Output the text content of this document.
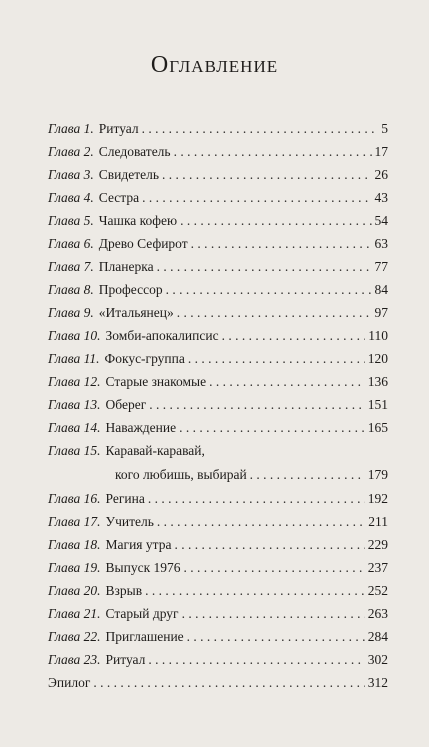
Оглавление
Глава 1. Ритуал . . .	5
Глава 2. Следователь . . .	17
Глава 3. Свидетель . . .	26
Глава 4. Сестра . . .	43
Глава 5. Чашка кофею . . .	54
Глава 6. Древо Сефирот . . .	63
Глава 7. Планерка . . .	77
Глава 8. Профессор . . .	84
Глава 9. «Итальянец» . . .	97
Глава 10. Зомби-апокалипсис . . .	110
Глава 11. Фокус-группа . . .	120
Глава 12. Старые знакомые . . .	136
Глава 13. Оберег . . .	151
Глава 14. Наваждение . . .	165
Глава 15. Каравай-каравай,
кого любишь, выбирай . . .	179
Глава 16. Регина . . .	192
Глава 17. Учитель . . .	211
Глава 18. Магия утра . . .	229
Глава 19. Выпуск 1976 . . .	237
Глава 20. Взрыв . . .	252
Глава 21. Старый друг . . .	263
Глава 22. Приглашение . . .	284
Глава 23. Ритуал . . .	302
Эпилог . . .	312
